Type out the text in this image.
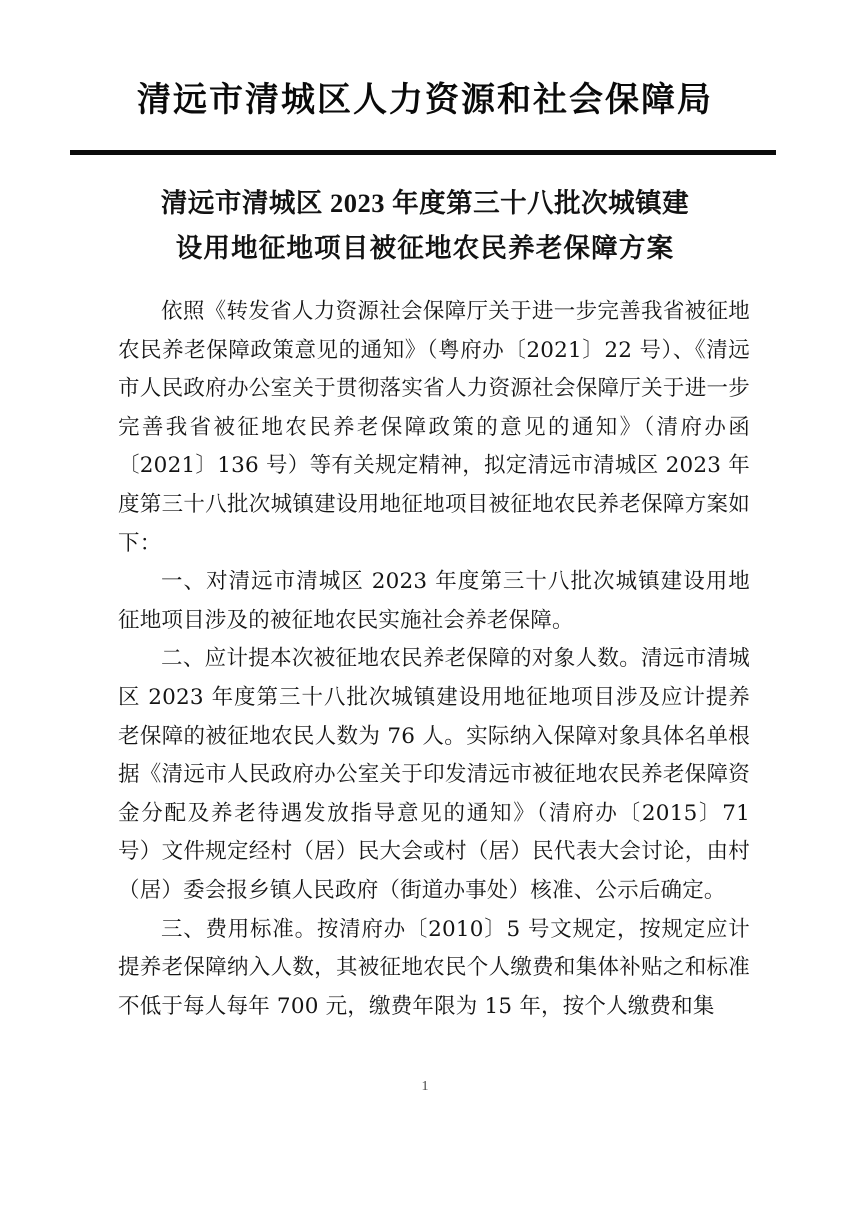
清远市清城区人力资源和社会保障局
清远市清城区 2023 年度第三十八批次城镇建
设用地征地项目被征地农民养老保障方案

依照《转发省人力资源社会保障厅关于进一步完善我省被征地农民养老保障政策意见的通知》（粤府办〔2021〕22 号）、《清远市人民政府办公室关于贯彻落实省人力资源社会保障厅关于进一步完善我省被征地农民养老保障政策的意见的通知》（清府办函〔2021〕136 号）等有关规定精神，拟定清远市清城区 2023 年度第三十八批次城镇建设用地征地项目被征地农民养老保障方案如下：

一、对清远市清城区 2023 年度第三十八批次城镇建设用地征地项目涉及的被征地农民实施社会养老保障。

二、应计提本次被征地农民养老保障的对象人数。清远市清城区 2023 年度第三十八批次城镇建设用地征地项目涉及应计提养老保障的被征地农民人数为 76 人。实际纳入保障对象具体名单根据《清远市人民政府办公室关于印发清远市被征地农民养老保障资金分配及养老待遇发放指导意见的通知》（清府办〔2015〕71 号）文件规定经村（居）民大会或村（居）民代表大会讨论，由村（居）委会报乡镇人民政府（街道办事处）核准、公示后确定。

三、费用标准。按清府办〔2010〕5 号文规定，按规定应计提养老保障纳入人数，其被征地农民个人缴费和集体补贴之和标准不低于每人每年 700 元，缴费年限为 15 年，按个人缴费和集

1
